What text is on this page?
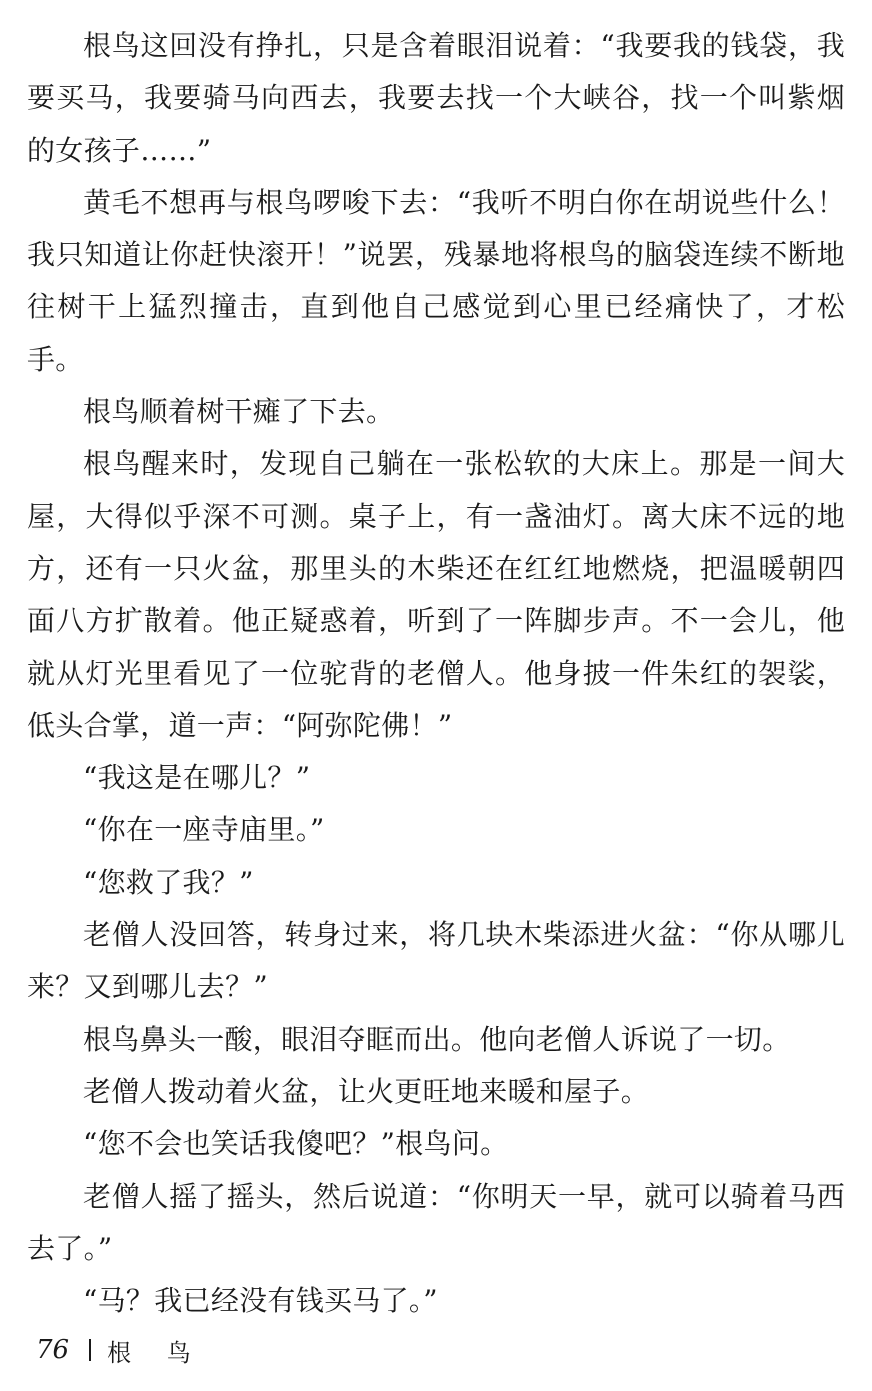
根鸟这回没有挣扎，只是含着眼泪说着：“我要我的钱袋，我要买马，我要骑马向西去，我要去找一个大峡谷，找一个叫紫烟的女孩子……”

黄毛不想再与根鸟啰唆下去：“我听不明白你在胡说些什么！我只知道让你赶快滚开！”说罢，残暴地将根鸟的脑袋连续不断地往树干上猛烈撞击，直到他自己感觉到心里已经痛快了，才松手。

根鸟顺着树干瘫了下去。

根鸟醒来时，发现自己躺在一张松软的大床上。那是一间大屋，大得似乎深不可测。桌子上，有一盏油灯。离大床不远的地方，还有一只火盆，那里头的木柴还在红红地燃烧，把温暖朝四面八方扩散着。他正疑惑着，听到了一阵脚步声。不一会儿，他就从灯光里看见了一位驼背的老僧人。他身披一件朱红的袈裟，低头合掌，道一声：“阿弥陀佛！”

“我这是在哪儿？”

“你在一座寺庙里。”

“您救了我？”

老僧人没回答，转身过来，将几块木柴添进火盆：“你从哪儿来？又到哪儿去？”

根鸟鼻头一酸，眼泪夺眶而出。他向老僧人诉说了一切。

老僧人拨动着火盆，让火更旺地来暖和屋子。

“您不会也笑话我傻吧？”根鸟问。

老僧人摇了摇头，然后说道：“你明天一早，就可以骑着马西去了。”

“马？我已经没有钱买马了。”

76 根 鸟
